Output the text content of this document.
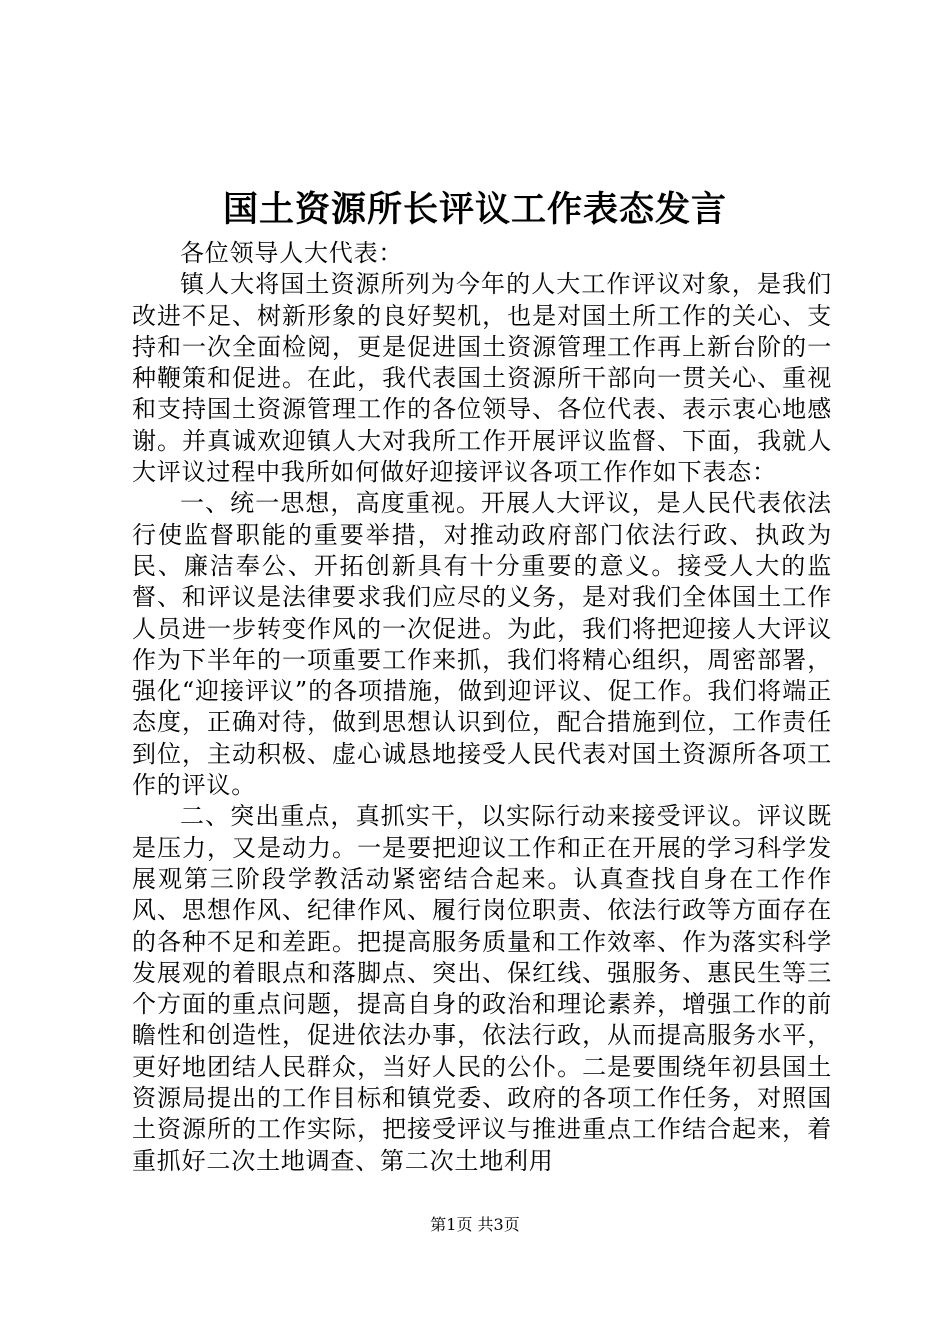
国土资源所长评议工作表态发言

各位领导人大代表：

镇人大将国土资源所列为今年的人大工作评议对象，是我们改进不足、树新形象的良好契机，也是对国土所工作的关心、支持和一次全面检阅，更是促进国土资源管理工作再上新台阶的一种鞭策和促进。在此，我代表国土资源所干部向一贯关心、重视和支持国土资源管理工作的各位领导、各位代表、表示衷心地感谢。并真诚欢迎镇人大对我所工作开展评议监督、下面，我就人大评议过程中我所如何做好迎接评议各项工作作如下表态：

一、统一思想，高度重视。开展人大评议，是人民代表依法行使监督职能的重要举措，对推动政府部门依法行政、执政为民、廉洁奉公、开拓创新具有十分重要的意义。接受人大的监督、和评议是法律要求我们应尽的义务，是对我们全体国土工作人员进一步转变作风的一次促进。为此，我们将把迎接人大评议作为下半年的一项重要工作来抓，我们将精心组织，周密部署，强化“迎接评议”的各项措施，做到迎评议、促工作。我们将端正态度，正确对待，做到思想认识到位，配合措施到位，工作责任到位，主动积极、虚心诚恳地接受人民代表对国土资源所各项工作的评议。

二、突出重点，真抓实干，以实际行动来接受评议。评议既是压力，又是动力。一是要把迎议工作和正在开展的学习科学发展观第三阶段学教活动紧密结合起来。认真查找自身在工作作风、思想作风、纪律作风、履行岗位职责、依法行政等方面存在的各种不足和差距。把提高服务质量和工作效率、作为落实科学发展观的着眼点和落脚点、突出、保红线、强服务、惠民生等三个方面的重点问题，提高自身的政治和理论素养，增强工作的前瞻性和创造性，促进依法办事，依法行政，从而提高服务水平，更好地团结人民群众，当好人民的公仆。二是要围绕年初县国土资源局提出的工作目标和镇党委、政府的各项工作任务，对照国土资源所的工作实际，把接受评议与推进重点工作结合起来，着重抓好二次土地调查、第二次土地利用

第1页 共3页
